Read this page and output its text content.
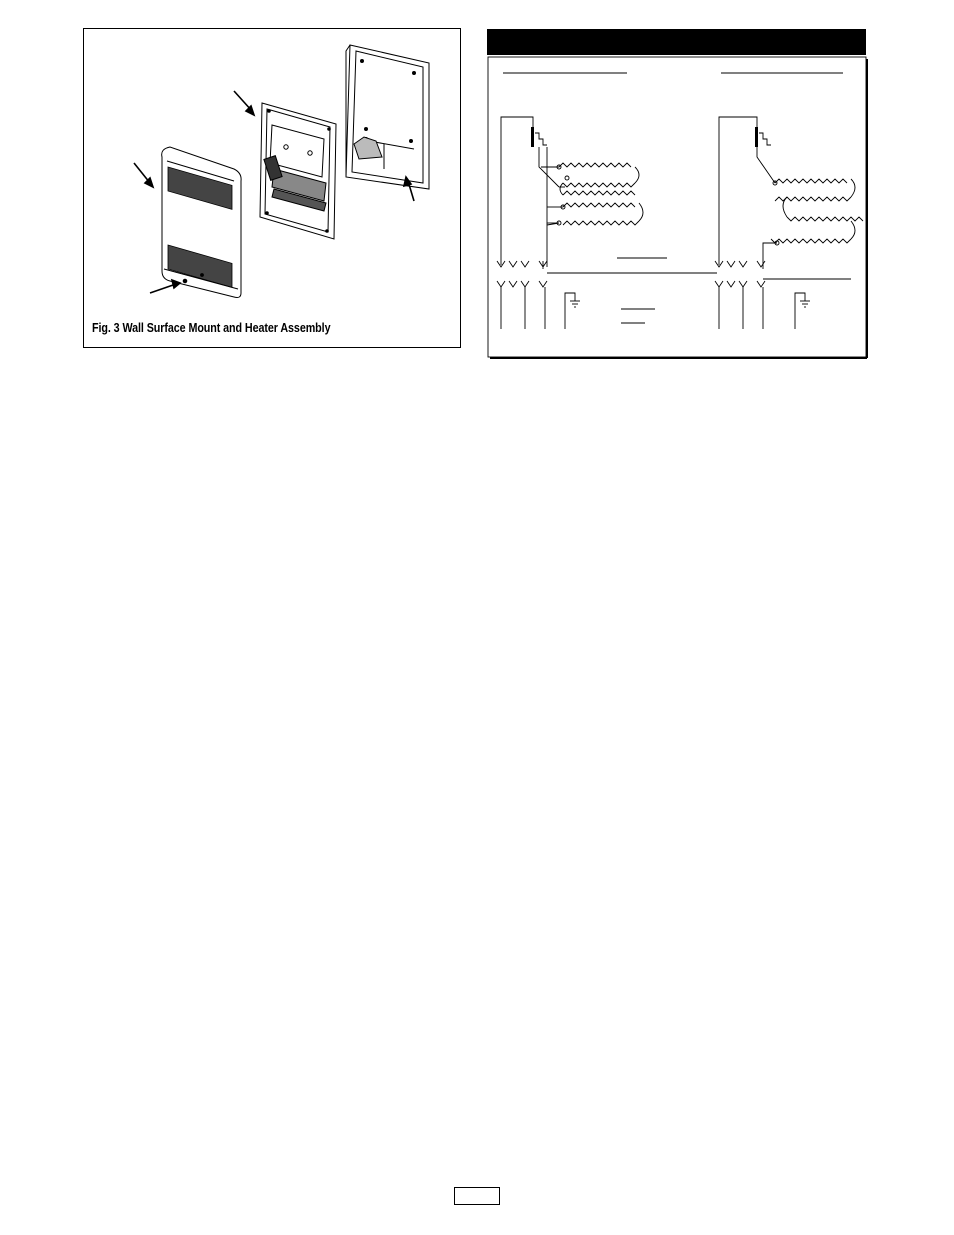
Fig. 3 Wall Surface Mount and Heater Assembly
